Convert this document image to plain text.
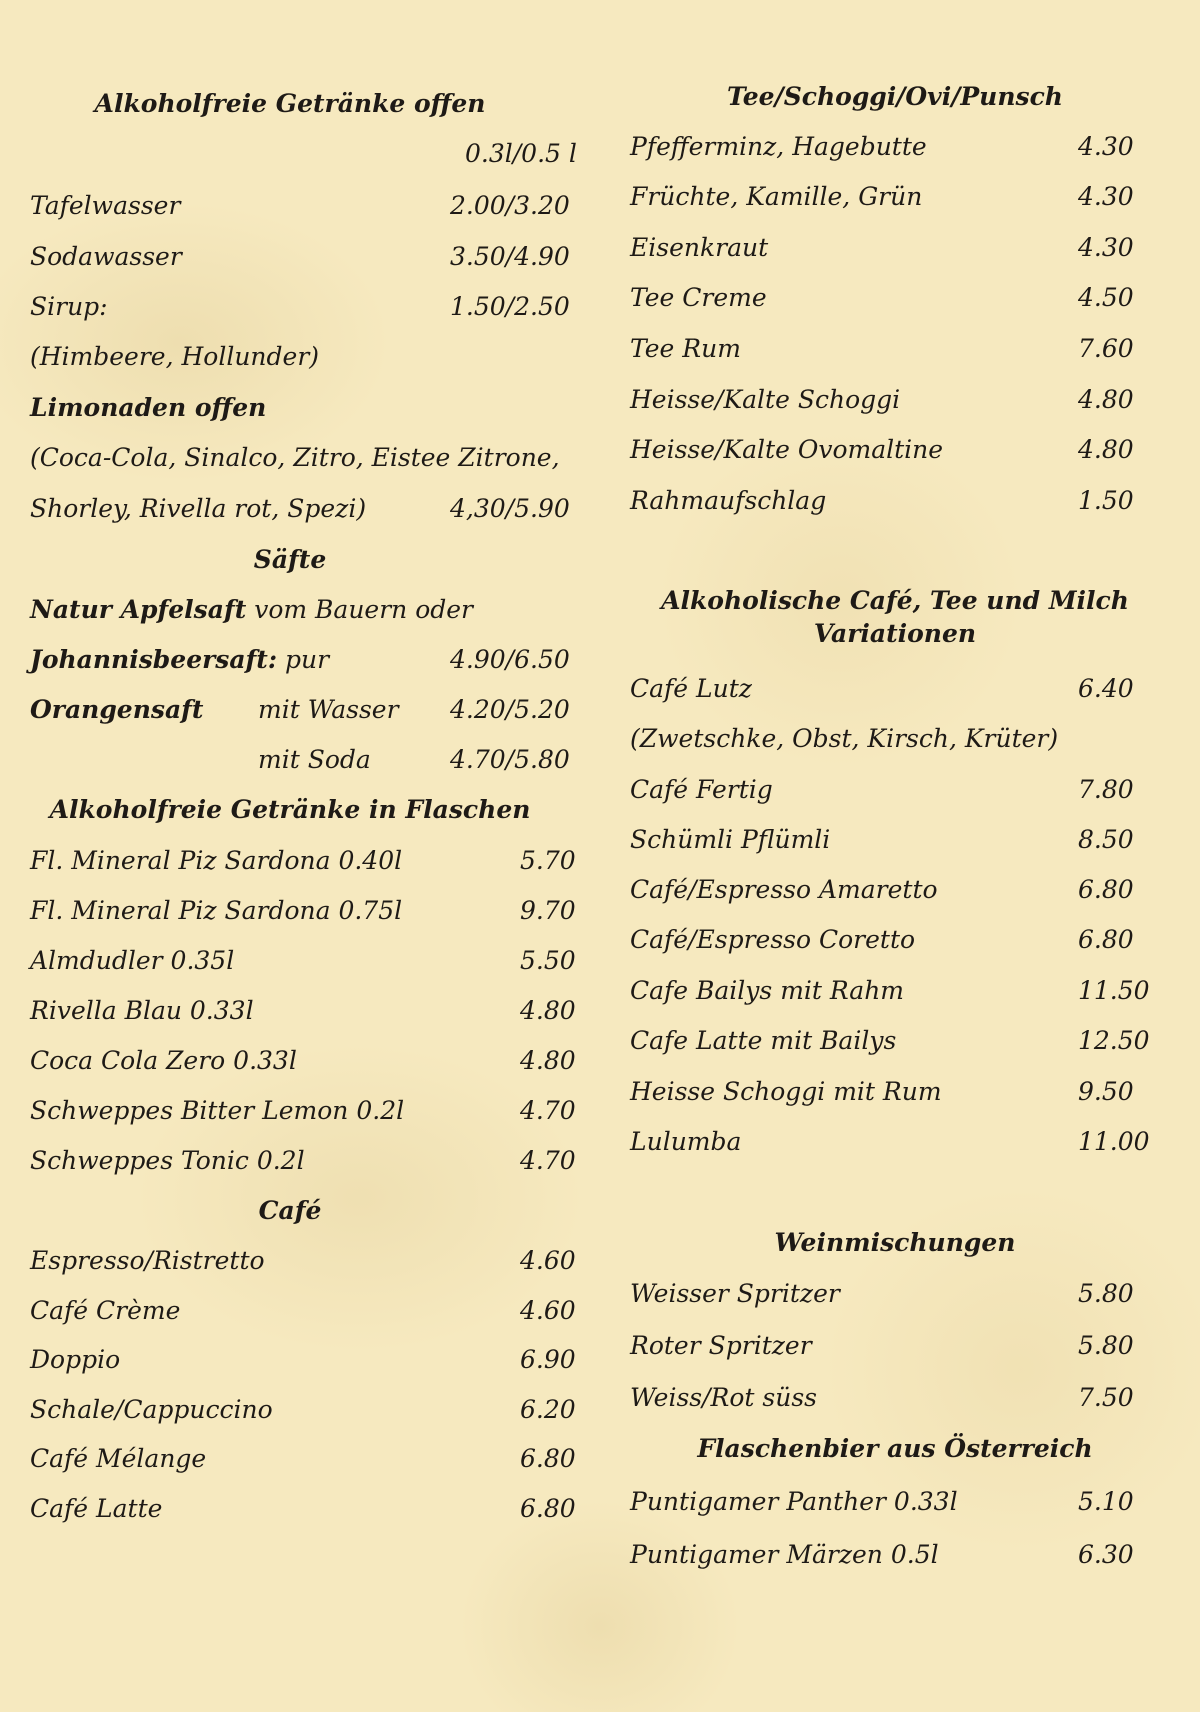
Alkoholfreie Getränke offen
0.3l/0.5 l
Tafelwasser	2.00/3.20
Sodawasser	3.50/4.90
Sirup:	1.50/2.50
(Himbeere, Hollunder)
Limonaden offen
(Coca-Cola, Sinalco, Zitro, Eistee Zitrone,
Shorley, Rivella rot, Spezi)	4,30/5.90
Säfte
Natur Apfelsaft vom Bauern oder
Johannisbeersaft: pur	4.90/6.50
Orangensaft mit Wasser 4.20/5.20
mit Soda	4.70/5.80
Alkoholfreie Getränke in Flaschen
Fl. Mineral Piz Sardona 0.40l	5.70
Fl. Mineral Piz Sardona 0.75l	9.70
Almdudler 0.35l	5.50
Rivella Blau 0.33l	4.80
Coca Cola Zero 0.33l	4.80
Schweppes Bitter Lemon 0.2l	4.70
Schweppes Tonic 0.2l	4.70
Café
Espresso/Ristretto	4.60
Café Crème	4.60
Doppio	6.90
Schale/Cappuccino	6.20
Café Mélange	6.80
Café Latte	6.80
Tee/Schoggi/Ovi/Punsch
Pfefferminz, Hagebutte	4.30
Früchte, Kamille, Grün	4.30
Eisenkraut	4.30
Tee Creme	4.50
Tee Rum	7.60
Heisse/Kalte Schoggi	4.80
Heisse/Kalte Ovomaltine	4.80
Rahmaufschlag	1.50
Alkoholische Café, Tee und Milch
Variationen
Café Lutz	6.40
(Zwetschke, Obst, Kirsch, Krüter)
Café Fertig	7.80
Schümli Pflümli	8.50
Café/Espresso Amaretto	6.80
Café/Espresso Coretto	6.80
Cafe Bailys mit Rahm	11.50
Cafe Latte mit Bailys	12.50
Heisse Schoggi mit Rum	9.50
Lulumba	11.00
Weinmischungen
Weisser Spritzer	5.80
Roter Spritzer	5.80
Weiss/Rot süss	7.50
Flaschenbier aus Österreich
Puntigamer Panther 0.33l	5.10
Puntigamer Märzen 0.5l	6.30
